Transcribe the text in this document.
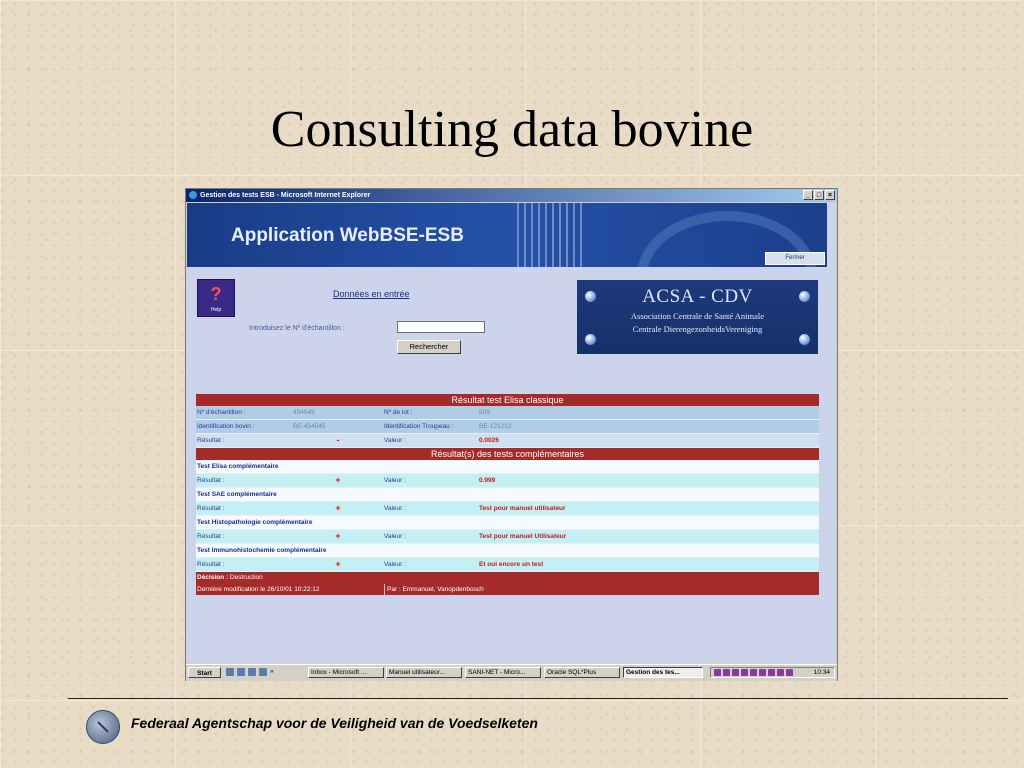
Consulting data bovine
Gestion des tests ESB - Microsoft Internet Explorer	_ □ ×
Application WebBSE-ESB
Fermer
?
Help
Données en entrée
Introduisez le Nº d'échantillon :
Rechercher
ACSA - CDV
Association Centrale de Santé Animale
Centrale DierengezonheidsVereniging
Résultat test Elisa classique
Nº d'échantillon :	454545	Nº de lot :	509
Identification bovin :	BE-454545	Identification Troupeau :	BE-121212
Résultat :	-	Valeur :	0.0026
Résultat(s) des tests complémentaires
Test Elisa complémentaire
Résultat :	+	Valeur :	0.999
Test SAE complémentaire
Résultat :	+	Valeur :	Test pour manuel utilisateur
Test Histopathologie complémentaire
Résultat :	+	Valeur :	Test pour manuel Utilisateur
Test Immunohistochemie complémentaire
Résultat :	+	Valeur :	Et oui encore un test
Décision : Destruction
Dernière modification le 26/10/01 10:22:12	Par : Emmanuel, Vanopdenbosch
Start	»	Inbox - Microsoft ...	Manuel utilisateur...	SANI-NET - Micro...	Oracle SQL*Plus	Gestion des tes...	10:34
Federaal Agentschap voor de Veiligheid van de Voedselketen
